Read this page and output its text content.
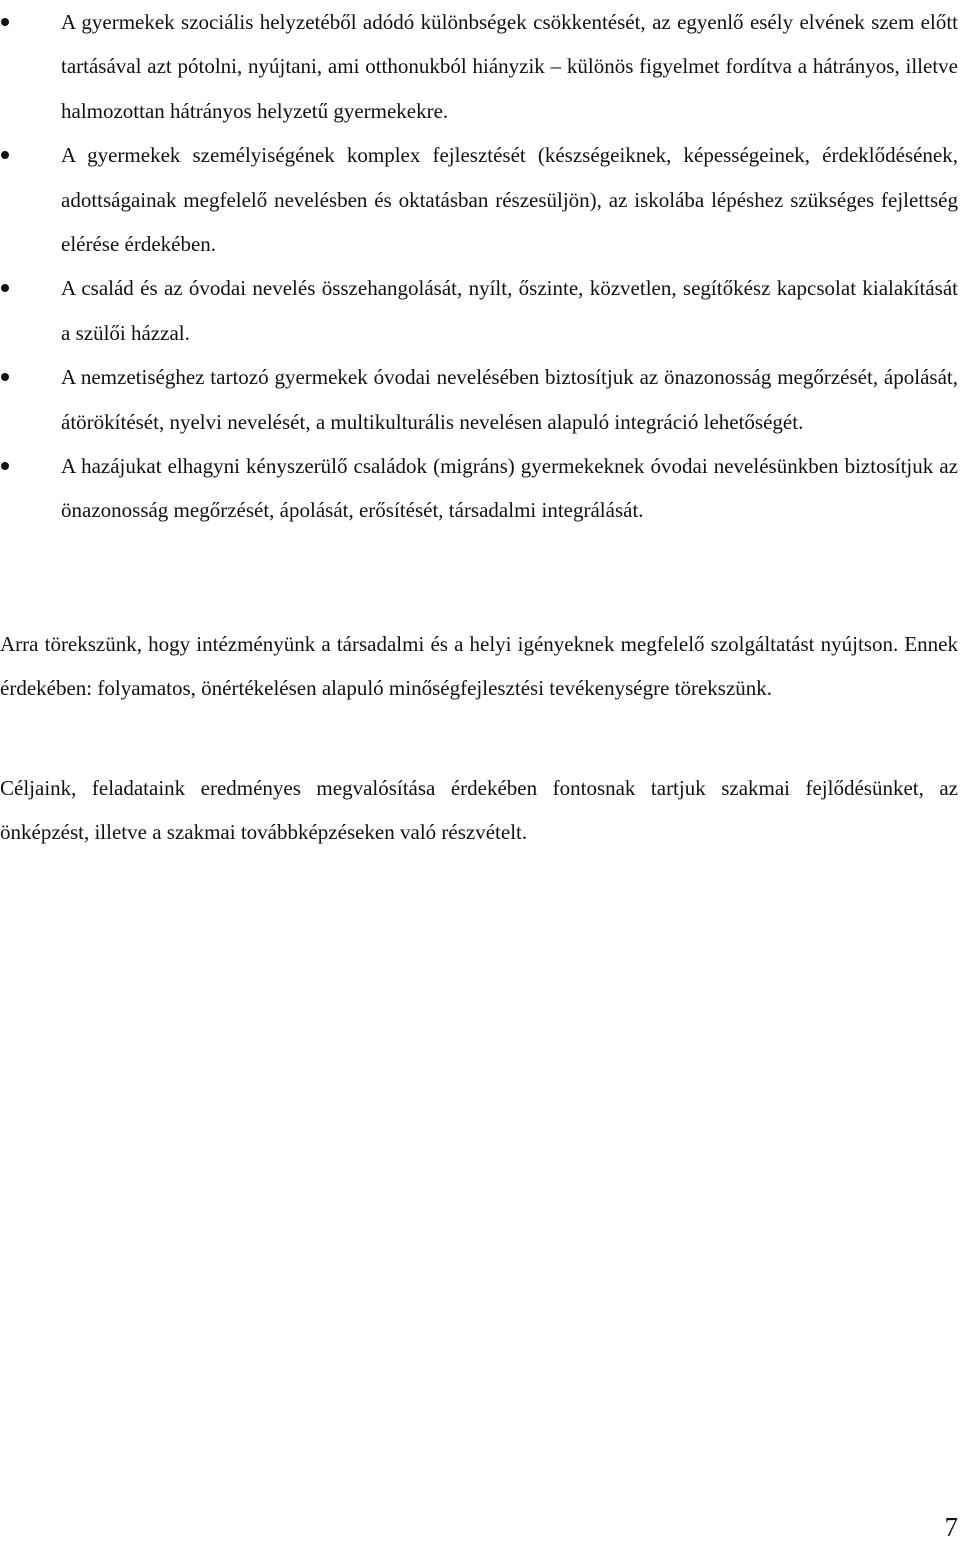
A gyermekek szociális helyzetéből adódó különbségek csökkentését, az egyenlő esély elvének szem előtt tartásával azt pótolni, nyújtani, ami otthonukból hiányzik – különös figyelmet fordítva a hátrányos, illetve halmozottan hátrányos helyzetű gyermekekre.
A gyermekek személyiségének komplex fejlesztését (készségeiknek, képességeinek, érdeklődésének, adottságainak megfelelő nevelésben és oktatásban részesüljön), az iskolába lépéshez szükséges fejlettség elérése érdekében.
A család és az óvodai nevelés összehangolását, nyílt, őszinte, közvetlen, segítőkész kapcsolat kialakítását a szülői házzal.
A nemzetiséghez tartozó gyermekek óvodai nevelésében biztosítjuk az önazonosság megőrzését, ápolását, átörökítését, nyelvi nevelését, a multikulturális nevelésen alapuló integráció lehetőségét.
A hazájukat elhagyni kényszerülő családok (migráns) gyermekeknek óvodai nevelésünkben biztosítjuk az önazonosság megőrzését, ápolását, erősítését, társadalmi integrálását.

Arra törekszünk, hogy intézményünk a társadalmi és a helyi igényeknek megfelelő szolgáltatást nyújtson. Ennek érdekében: folyamatos, önértékelésen alapuló minőségfejlesztési tevékenységre törekszünk.

Céljaink, feladataink eredményes megvalósítása érdekében fontosnak tartjuk szakmai fejlődésünket, az önképzést, illetve a szakmai továbbképzéseken való részvételt.

7
